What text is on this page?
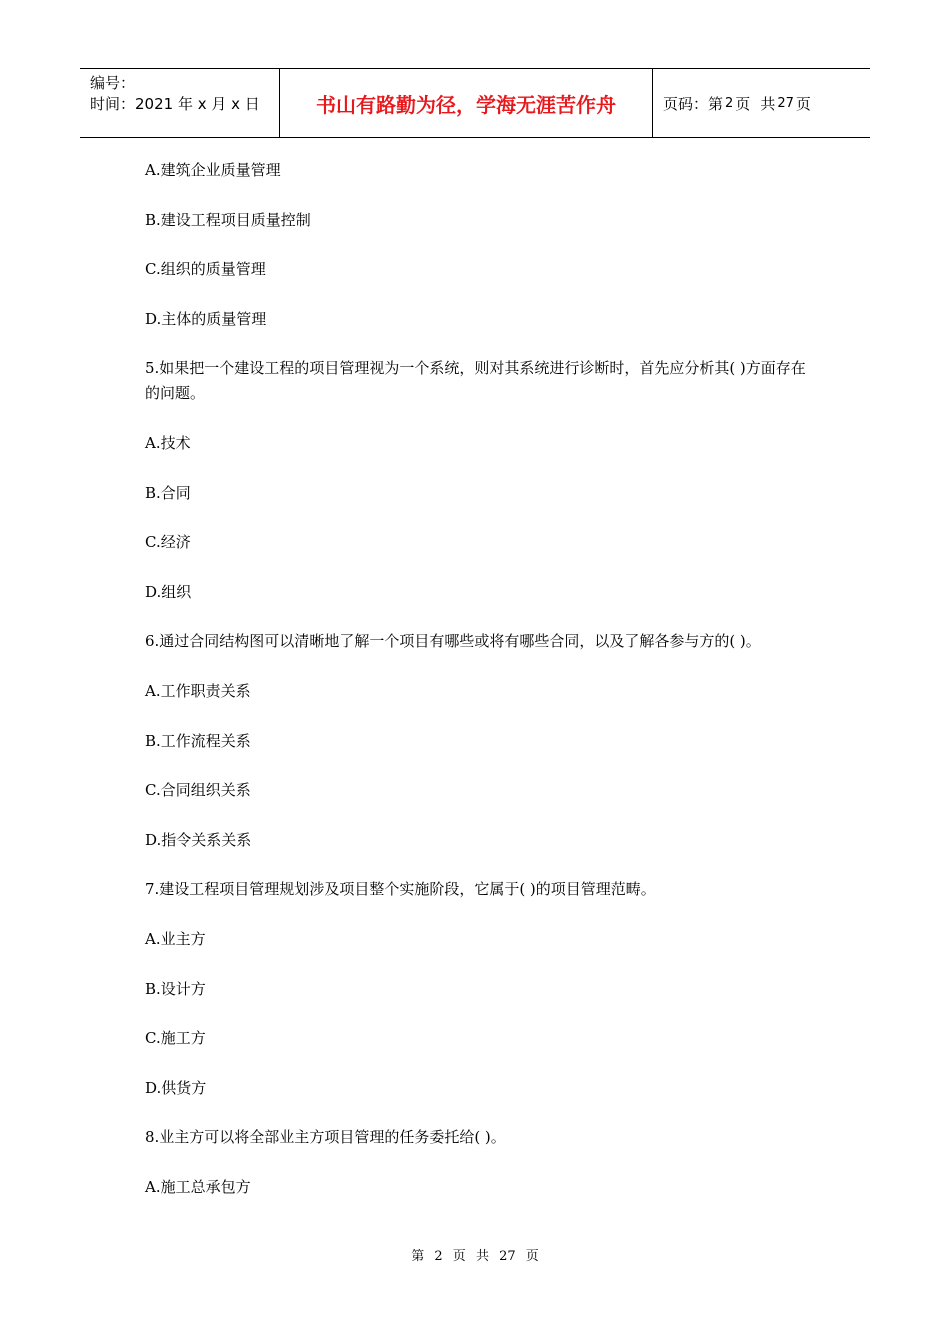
编号：
时间：2021 年 x 月 x 日	书山有路勤为径，学海无涯苦作舟	页码：第 2 页 共 27 页

A.建筑企业质量管理

B.建设工程项目质量控制

C.组织的质量管理

D.主体的质量管理

5.如果把一个建设工程的项目管理视为一个系统，则对其系统进行诊断时，首先应分析其( )方面存在的问题。

A.技术

B.合同

C.经济

D.组织

6.通过合同结构图可以清晰地了解一个项目有哪些或将有哪些合同，以及了解各参与方的( )。

A.工作职责关系

B.工作流程关系

C.合同组织关系

D.指令关系关系

7.建设工程项目管理规划涉及项目整个实施阶段，它属于( )的项目管理范畴。

A.业主方

B.设计方

C.施工方

D.供货方

8.业主方可以将全部业主方项目管理的任务委托给( )。

A.施工总承包方

第 2 页 共 27 页
